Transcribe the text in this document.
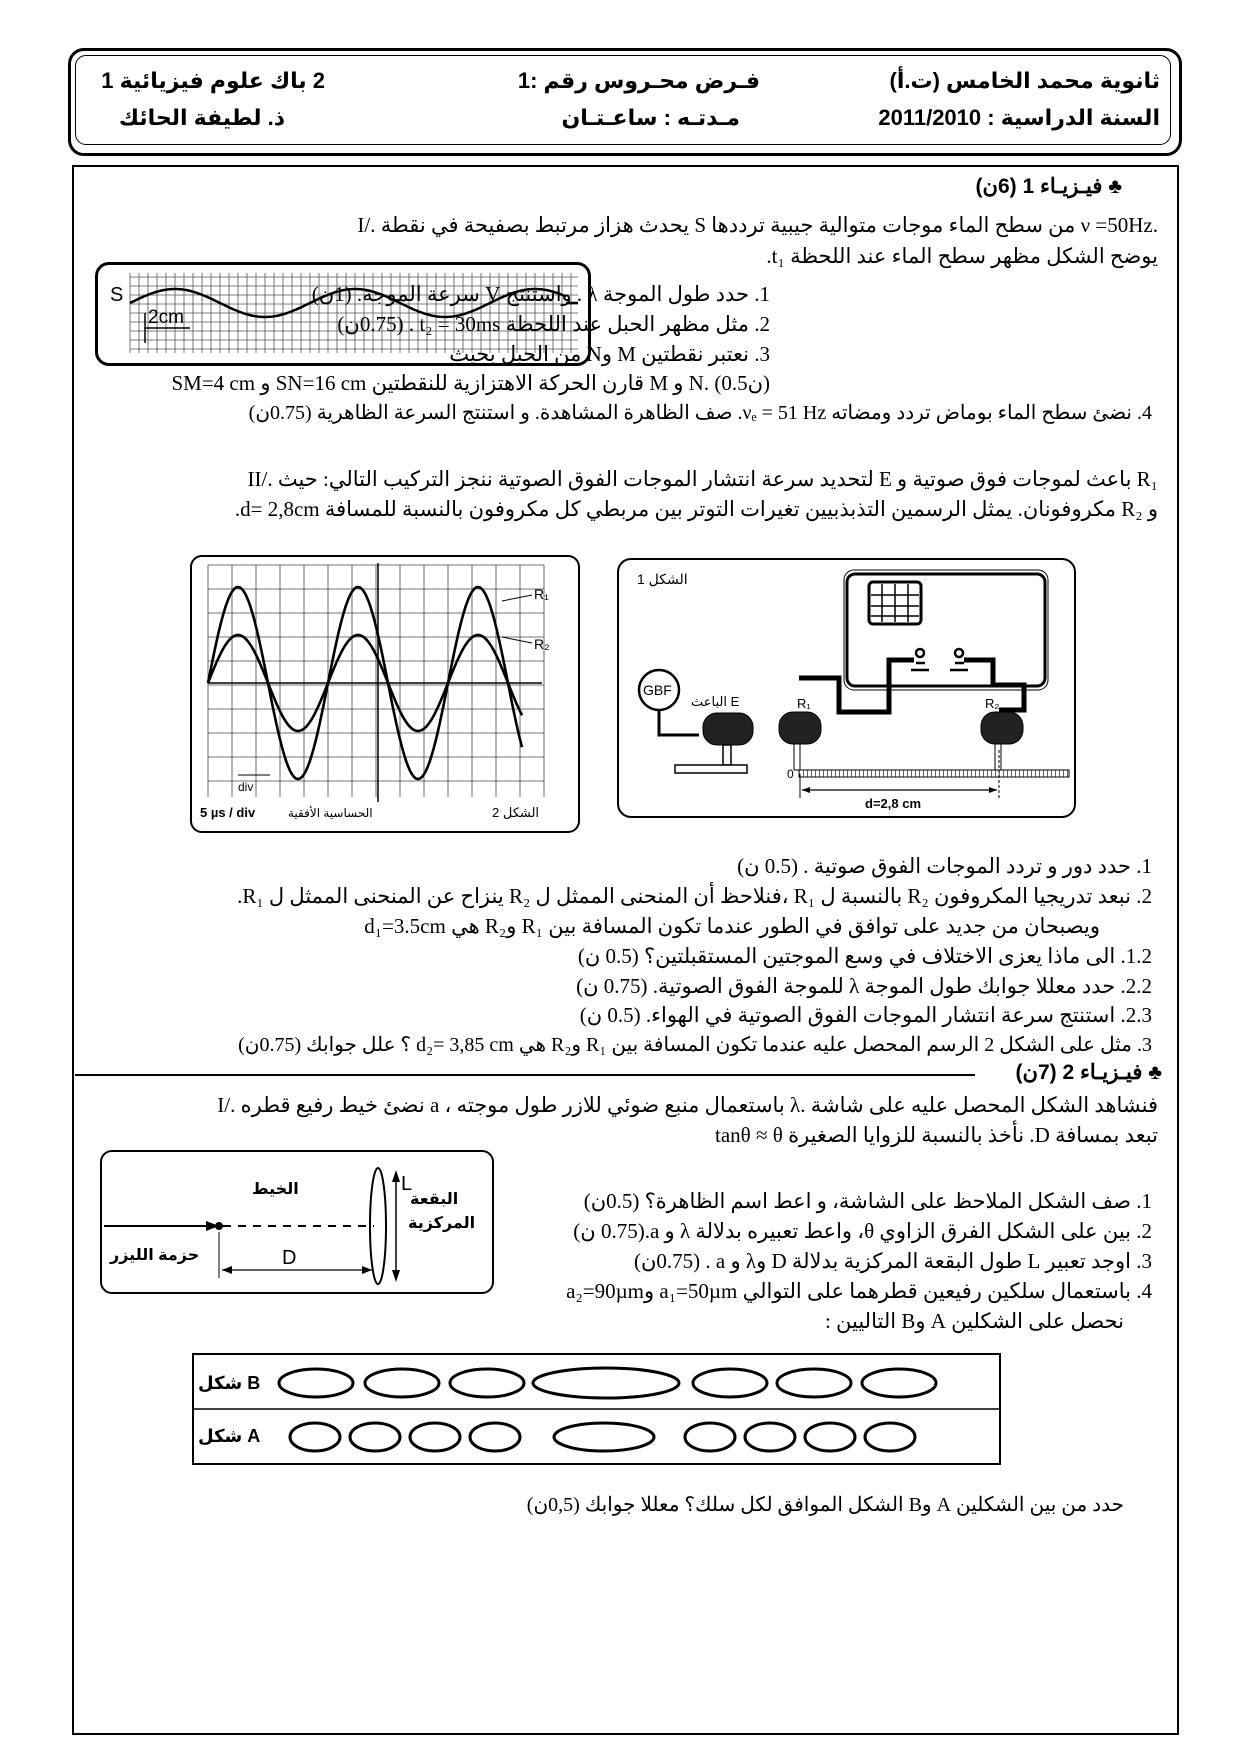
ثانوية محمد الخامس (ت.أ)
السنة الدراسية : 2011/2010
فـرض محـروس رقم :1
مـدتـه : ساعـتـان
2 باك علوم فيزيائية 1
ذ. لطيفة الحائك
♣ فيـزيـاء 1 (6ن)
I/. يحدث هزاز مرتبط بصفيحة في نقطة S من سطح الماء موجات متوالية جيبية ترددها ν =50Hz.
يوضح الشكل مظهر سطح الماء عند اللحظة t₁.
S
2cm
1. حدد طول الموجة λ . واستنتج V سرعة الموجة. (1ن)
2. مثل مظهر الحبل عند اللحظة t₂ = 30ms . (0.75ن)
3. نعتبر نقطتين M وN من الحبل بحيث
SM=4 cm و SN=16 cm قارن الحركة الاهتزازية للنقطتين M و N. (0.5ن)
4. نضئ سطح الماء بوماض تردد ومضاته νₑ = 51 Hz. صف الظاهرة المشاهدة. و استنتج السرعة الظاهرية (0.75ن)
II/. لتحديد سرعة انتشار الموجات الفوق الصوتية ننجز التركيب التالي: حيث E باعث لموجات فوق صوتية و R₁
و R₂ مكروفونان. يمثل الرسمين التذبذبيين تغيرات التوتر بين مربطي كل مكروفون بالنسبة للمسافة d= 2,8cm.
R₁
R₂
div
5 µs / div	الحساسية الأفقية	الشكل 2
الشكل 1
GBF
الباعث E	R₁	R₂
0
d=2,8 cm
1. حدد دور و تردد الموجات الفوق صوتية . (0.5 ن)
2. نبعد تدريجيا المكروفون R₂ بالنسبة ل R₁ ،فنلاحظ أن المنحنى الممثل ل R₂ ينزاح عن المنحنى الممثل ل R₁.
ويصبحان من جديد على توافق في الطور عندما تكون المسافة بين R₁ وR₂ هي d₁=3.5cm
1.2. الى ماذا يعزى الاختلاف في وسع الموجتين المستقبلتين؟ (0.5 ن)
2.2. حدد معللا جوابك طول الموجة λ للموجة الفوق الصوتية. (0.75 ن)
2.3. استنتج سرعة انتشار الموجات الفوق الصوتية في الهواء. (0.5 ن)
3. مثل على الشكل 2 الرسم المحصل عليه عندما تكون المسافة بين R₁ وR₂ هي d₂= 3,85 cm ؟ علل جوابك (0.75ن)
♣ فيـزيـاء 2 (7ن)
I/. نضئ خيط رفيع قطره a ، باستعمال منبع ضوئي للازر طول موجته λ. فنشاهد الشكل المحصل عليه على شاشة
تبعد بمسافة D. نأخذ بالنسبة للزوايا الصغيرة tanθ ≈ θ
الخيط
حزمة الليزر
البقعة
المركزية
L
D
1. صف الشكل الملاحظ على الشاشة، و اعط اسم الظاهرة؟ (0.5ن)
2. بين على الشكل الفرق الزاوي θ، واعط تعبيره بدلالة λ و a.(0.75 ن)
3. اوجد تعبير L طول البقعة المركزية بدلالة D وλ و a . (0.75ن)
4. باستعمال سلكين رفيعين قطرهما على التوالي a₁=50µm وa₂=90µm
نحصل على الشكلين A وB التاليين :
شكل B
شكل A
حدد من بين الشكلين A وB الشكل الموافق لكل سلك؟ معللا جوابك (0,5ن)
